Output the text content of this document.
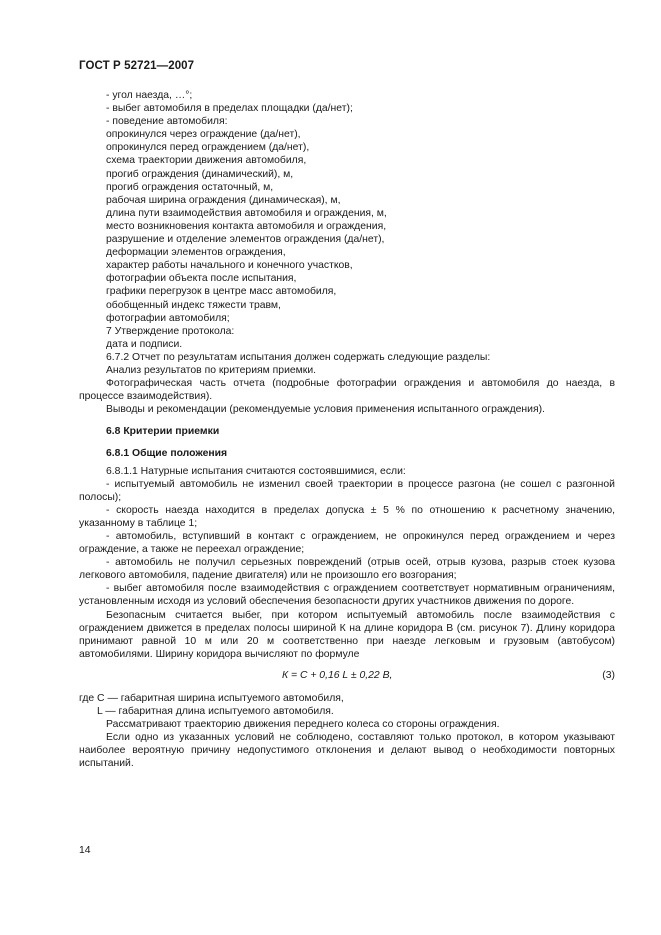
ГОСТ Р 52721—2007
- угол наезда, …°;
- выбег автомобиля в пределах площадки (да/нет);
- поведение автомобиля:
опрокинулся через ограждение (да/нет),
опрокинулся перед ограждением (да/нет),
схема траектории движения автомобиля,
прогиб ограждения (динамический), м,
прогиб ограждения остаточный, м,
рабочая ширина ограждения (динамическая), м,
длина пути взаимодействия автомобиля и ограждения, м,
место возникновения контакта автомобиля и ограждения,
разрушение и отделение элементов ограждения (да/нет),
деформации элементов ограждения,
характер работы начального и конечного участков,
фотографии объекта после испытания,
графики перегрузок в центре масс автомобиля,
обобщенный индекс тяжести травм,
фотографии автомобиля;
7 Утверждение протокола:
дата и подписи.

6.7.2 Отчет по результатам испытания должен содержать следующие разделы:

Анализ результатов по критериям приемки.

Фотографическая часть отчета (подробные фотографии ограждения и автомобиля до наезда, в процессе взаимодействия).

Выводы и рекомендации (рекомендуемые условия применения испытанного ограждения).

6.8 Критерии приемки
6.8.1 Общие положения

6.8.1.1 Натурные испытания считаются состоявшимися, если:

- испытуемый автомобиль не изменил своей траектории в процессе разгона (не сошел с разгонной полосы);

- скорость наезда находится в пределах допуска ± 5 % по отношению к расчетному значению, указанному в таблице 1;

- автомобиль, вступивший в контакт с ограждением, не опрокинулся перед ограждением и через ограждение, а также не переехал ограждение;

- автомобиль не получил серьезных повреждений (отрыв осей, отрыв кузова, разрыв стоек кузова легкового автомобиля, падение двигателя) или не произошло его возгорания;

- выбег автомобиля после взаимодействия с ограждением соответствует нормативным ограничениям, установленным исходя из условий обеспечения безопасности других участников движения по дороге.

Безопасным считается выбег, при котором испытуемый автомобиль после взаимодействия с ограждением движется в пределах полосы шириной К на длине коридора В (см. рисунок 7). Длину коридора принимают равной 10 м или 20 м соответственно при наезде легковым и грузовым (автобусом) автомобилями. Ширину коридора вычисляют по формуле

К = С + 0,16 L ± 0,22 В,	(3)
где С — габаритная ширина испытуемого автомобиля,
L — габаритная длина испытуемого автомобиля.

Рассматривают траекторию движения переднего колеса со стороны ограждения.

Если одно из указанных условий не соблюдено, составляют только протокол, в котором указывают наиболее вероятную причину недопустимого отклонения и делают вывод о необходимости повторных испытаний.

14
